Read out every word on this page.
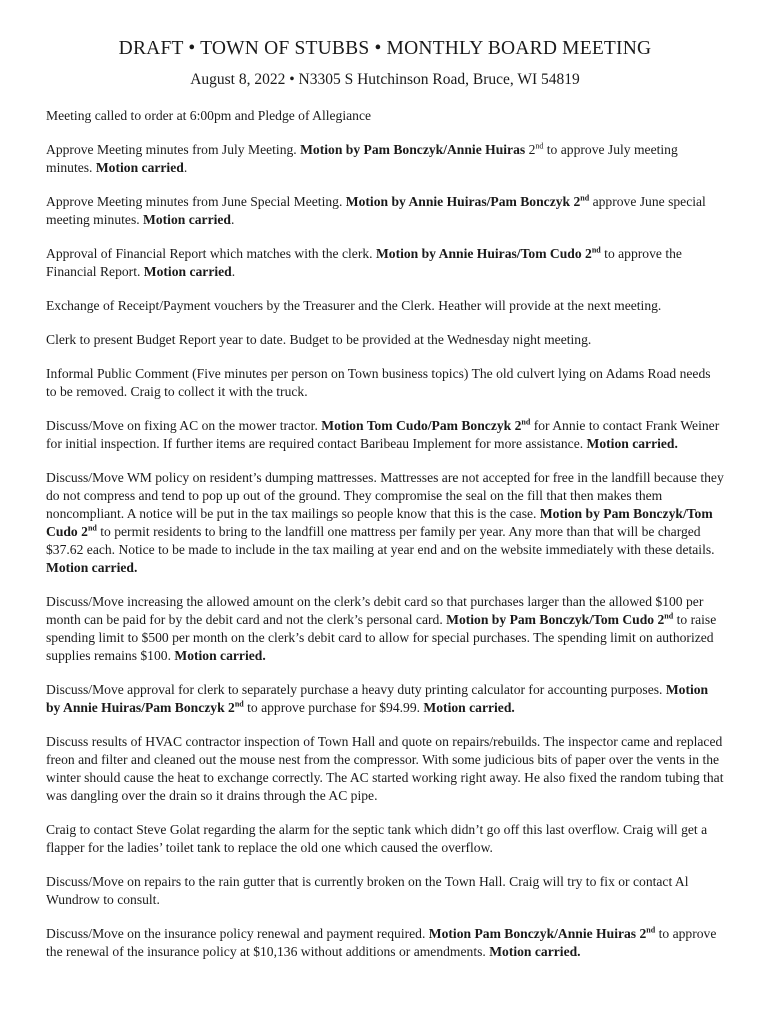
DRAFT • TOWN OF STUBBS • MONTHLY BOARD MEETING
August 8, 2022 • N3305 S Hutchinson Road, Bruce, WI 54819

Meeting called to order at 6:00pm and Pledge of Allegiance

Approve Meeting minutes from July Meeting. Motion by Pam Bonczyk/Annie Huiras 2nd to approve July meeting minutes. Motion carried.

Approve Meeting minutes from June Special Meeting. Motion by Annie Huiras/Pam Bonczyk 2nd approve June special meeting minutes. Motion carried.

Approval of Financial Report which matches with the clerk. Motion by Annie Huiras/Tom Cudo 2nd to approve the Financial Report. Motion carried.

Exchange of Receipt/Payment vouchers by the Treasurer and the Clerk. Heather will provide at the next meeting.

Clerk to present Budget Report year to date. Budget to be provided at the Wednesday night meeting.

Informal Public Comment (Five minutes per person on Town business topics) The old culvert lying on Adams Road needs to be removed. Craig to collect it with the truck.

Discuss/Move on fixing AC on the mower tractor. Motion Tom Cudo/Pam Bonczyk 2nd for Annie to contact Frank Weiner for initial inspection. If further items are required contact Baribeau Implement for more assistance. Motion carried.

Discuss/Move WM policy on resident’s dumping mattresses. Mattresses are not accepted for free in the landfill because they do not compress and tend to pop up out of the ground. They compromise the seal on the fill that then makes them noncompliant. A notice will be put in the tax mailings so people know that this is the case. Motion by Pam Bonczyk/Tom Cudo 2nd to permit residents to bring to the landfill one mattress per family per year. Any more than that will be charged $37.62 each. Notice to be made to include in the tax mailing at year end and on the website immediately with these details. Motion carried.

Discuss/Move increasing the allowed amount on the clerk’s debit card so that purchases larger than the allowed $100 per month can be paid for by the debit card and not the clerk’s personal card. Motion by Pam Bonczyk/Tom Cudo 2nd to raise spending limit to $500 per month on the clerk’s debit card to allow for special purchases. The spending limit on authorized supplies remains $100. Motion carried.

Discuss/Move approval for clerk to separately purchase a heavy duty printing calculator for accounting purposes. Motion by Annie Huiras/Pam Bonczyk 2nd to approve purchase for $94.99. Motion carried.

Discuss results of HVAC contractor inspection of Town Hall and quote on repairs/rebuilds. The inspector came and replaced freon and filter and cleaned out the mouse nest from the compressor. With some judicious bits of paper over the vents in the winter should cause the heat to exchange correctly. The AC started working right away. He also fixed the random tubing that was dangling over the drain so it drains through the AC pipe.

Craig to contact Steve Golat regarding the alarm for the septic tank which didn’t go off this last overflow. Craig will get a flapper for the ladies’ toilet tank to replace the old one which caused the overflow.

Discuss/Move on repairs to the rain gutter that is currently broken on the Town Hall. Craig will try to fix or contact Al Wundrow to consult.

Discuss/Move on the insurance policy renewal and payment required. Motion Pam Bonczyk/Annie Huiras 2nd to approve the renewal of the insurance policy at $10,136 without additions or amendments. Motion carried.
